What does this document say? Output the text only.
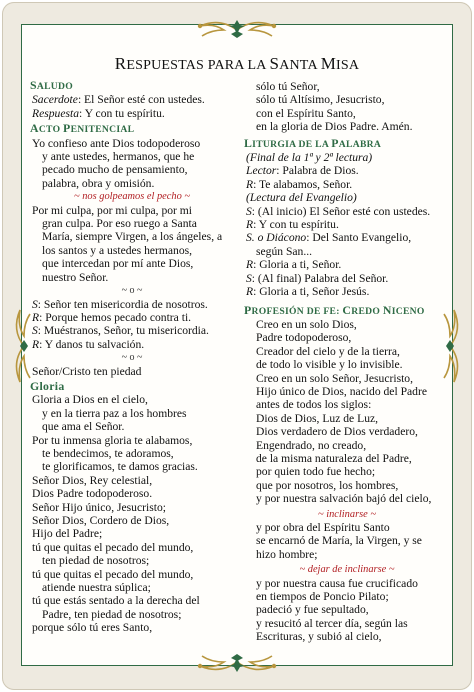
RESPUESTAS PARA LA SANTA MISA
SALUDO
Sacerdote: El Señor esté con ustedes.
Respuesta: Y con tu espíritu.
ACTO PENITENCIAL
Yo confieso ante Dios todopoderoso
y ante ustedes, hermanos, que he
pecado mucho de pensamiento,
palabra, obra y omisión.
~ nos golpeamos el pecho ~
Por mi culpa, por mi culpa, por mi
gran culpa. Por eso ruego a Santa
María, siempre Virgen, a los ángeles, a
los santos y a ustedes hermanos,
que intercedan por mí ante Dios,
nuestro Señor.
~ o ~
S: Señor ten misericordia de nosotros.
R: Porque hemos pecado contra ti.
S: Muéstranos, Señor, tu misericordia.
R: Y danos tu salvación.
~ o ~
Señor/Cristo ten piedad
Gloria
Gloria a Dios en el cielo,
y en la tierra paz a los hombres
que ama el Señor.
Por tu inmensa gloria te alabamos,
te bendecimos, te adoramos,
te glorificamos, te damos gracias.
Señor Dios, Rey celestial,
Dios Padre todopoderoso.
Señor Hijo único, Jesucristo;
Señor Dios, Cordero de Dios,
Hijo del Padre;
tú que quitas el pecado del mundo,
ten piedad de nosotros;
tú que quitas el pecado del mundo,
atiende nuestra súplica;
tú que estás sentado a la derecha del
Padre, ten piedad de nosotros;
porque sólo tú eres Santo,
sólo tú Señor,
sólo tú Altísimo, Jesucristo,
con el Espíritu Santo,
en la gloria de Dios Padre. Amén.
LITURGIA DE LA PALABRA
(Final de la 1ª y 2ª lectura)
Lector: Palabra de Dios.
R: Te alabamos, Señor.
(Lectura del Evangelio)
S: (Al inicio) El Señor esté con ustedes.
R: Y con tu espíritu.
S. o Diácono: Del Santo Evangelio,
según San...
R: Gloria a ti, Señor.
S: (Al final) Palabra del Señor.
R: Gloria a ti, Señor Jesús.
PROFESIÓN DE FE: CREDO NICENO
Creo en un solo Dios,
Padre todopoderoso,
Creador del cielo y de la tierra,
de todo lo visible y lo invisible.
Creo en un solo Señor, Jesucristo,
Hijo único de Dios, nacido del Padre
antes de todos los siglos:
Dios de Dios, Luz de Luz,
Dios verdadero de Dios verdadero,
Engendrado, no creado,
de la misma naturaleza del Padre,
por quien todo fue hecho;
que por nosotros, los hombres,
y por nuestra salvación bajó del cielo,
~ inclinarse ~
y por obra del Espíritu Santo
se encarnó de María, la Virgen, y se
hizo hombre;
~ dejar de inclinarse ~
y por nuestra causa fue crucificado
en tiempos de Poncio Pilato;
padeció y fue sepultado,
y resucitó al tercer día, según las
Escrituras, y subió al cielo,
